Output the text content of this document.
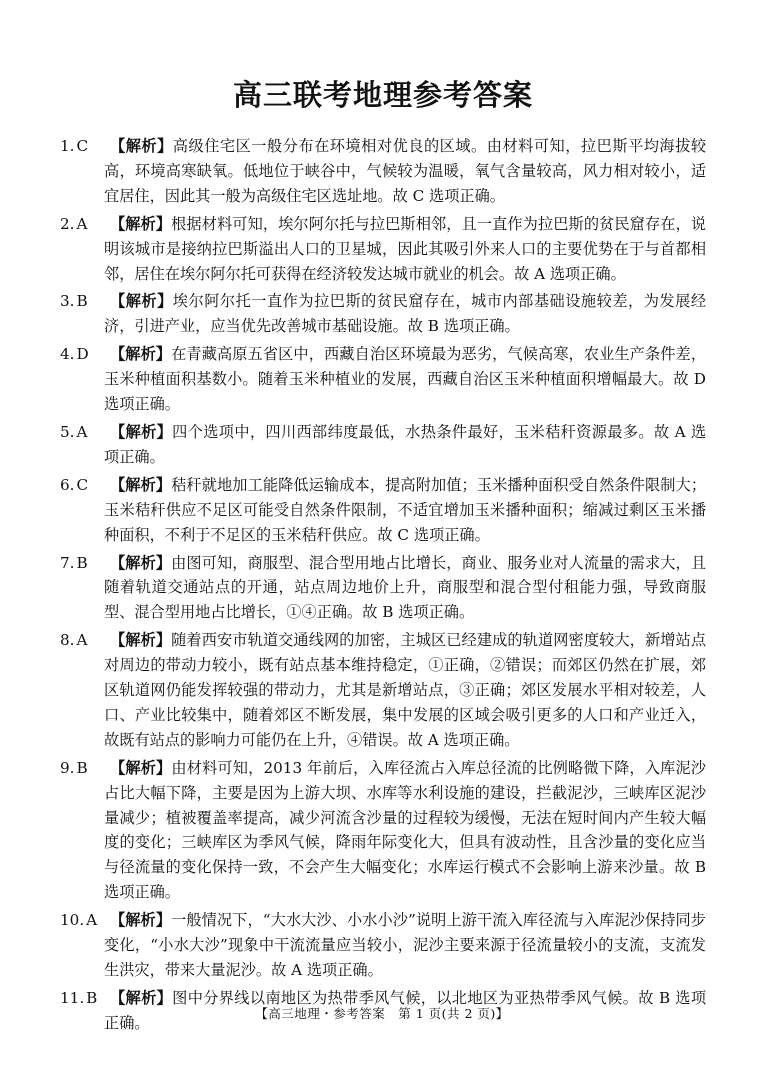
高三联考地理参考答案
1. C 【解析】高级住宅区一般分布在环境相对优良的区域。由材料可知，拉巴斯平均海拔较高，环境高寒缺氧。低地位于峡谷中，气候较为温暖，氧气含量较高，风力相对较小，适宜居住，因此其一般为高级住宅区选址地。故 C 选项正确。
2. A 【解析】根据材料可知，埃尔阿尔托与拉巴斯相邻，且一直作为拉巴斯的贫民窟存在，说明该城市是接纳拉巴斯溢出人口的卫星城，因此其吸引外来人口的主要优势在于与首都相邻，居住在埃尔阿尔托可获得在经济较发达城市就业的机会。故 A 选项正确。
3. B 【解析】埃尔阿尔托一直作为拉巴斯的贫民窟存在，城市内部基础设施较差，为发展经济，引进产业，应当优先改善城市基础设施。故 B 选项正确。
4. D 【解析】在青藏高原五省区中，西藏自治区环境最为恶劣，气候高寒，农业生产条件差，玉米种植面积基数小。随着玉米种植业的发展，西藏自治区玉米种植面积增幅最大。故 D 选项正确。
5. A 【解析】四个选项中，四川西部纬度最低，水热条件最好，玉米秸秆资源最多。故 A 选项正确。
6. C 【解析】秸秆就地加工能降低运输成本，提高附加值；玉米播种面积受自然条件限制大；玉米秸秆供应不足区可能受自然条件限制，不适宜增加玉米播种面积；缩减过剩区玉米播种面积，不利于不足区的玉米秸秆供应。故 C 选项正确。
7. B 【解析】由图可知，商服型、混合型用地占比增长，商业、服务业对人流量的需求大，且随着轨道交通站点的开通，站点周边地价上升，商服型和混合型付租能力强，导致商服型、混合型用地占比增长，①④正确。故 B 选项正确。
8. A 【解析】随着西安市轨道交通线网的加密，主城区已经建成的轨道网密度较大，新增站点对周边的带动力较小，既有站点基本维持稳定，①正确，②错误；而郊区仍然在扩展，郊区轨道网仍能发挥较强的带动力，尤其是新增站点，③正确；郊区发展水平相对较差，人口、产业比较集中，随着郊区不断发展，集中发展的区域会吸引更多的人口和产业迁入，故既有站点的影响力可能仍在上升，④错误。故 A 选项正确。
9. B 【解析】由材料可知，2013 年前后，入库径流占入库总径流的比例略微下降，入库泥沙占比大幅下降，主要是因为上游大坝、水库等水利设施的建设，拦截泥沙，三峡库区泥沙量减少；植被覆盖率提高，减少河流含沙量的过程较为缓慢，无法在短时间内产生较大幅度的变化；三峡库区为季风气候，降雨年际变化大，但具有波动性，且含沙量的变化应当与径流量的变化保持一致，不会产生大幅变化；水库运行模式不会影响上游来沙量。故 B 选项正确。
10. A 【解析】一般情况下，“大水大沙、小水小沙”说明上游干流入库径流与入库泥沙保持同步变化，“小水大沙”现象中干流流量应当较小，泥沙主要来源于径流量较小的支流，支流发生洪灾，带来大量泥沙。故 A 选项正确。
11. B 【解析】图中分界线以南地区为热带季风气候，以北地区为亚热带季风气候。故 B 选项正确。
【高三地理・参考答案　第 1 页(共 2 页)】
